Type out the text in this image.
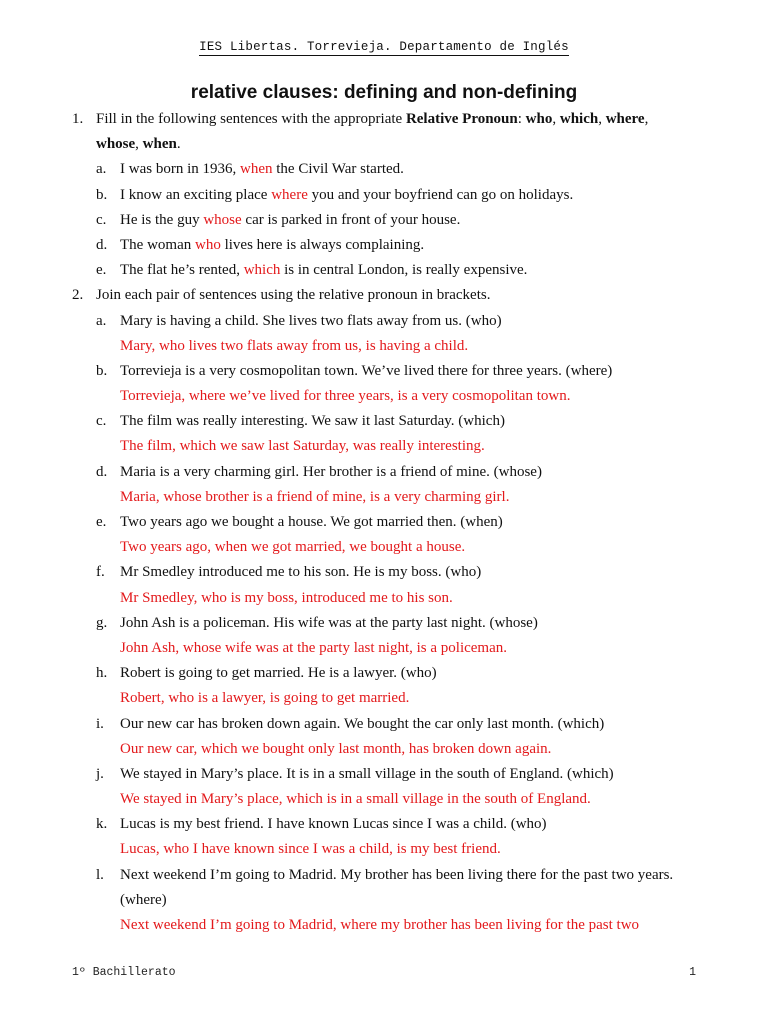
IES Libertas. Torrevieja. Departamento de Inglés
relative clauses: defining and non-defining
1. Fill in the following sentences with the appropriate Relative Pronoun: who, which, where,
whose, when.
a. I was born in 1936, when the Civil War started.
b. I know an exciting place where you and your boyfriend can go on holidays.
c. He is the guy whose car is parked in front of your house.
d. The woman who lives here is always complaining.
e. The flat he’s rented, which is in central London, is really expensive.
2. Join each pair of sentences using the relative pronoun in brackets.
a. Mary is having a child. She lives two flats away from us. (who)
Mary, who lives two flats away from us, is having a child.
b. Torrevieja is a very cosmopolitan town. We’ve lived there for three years. (where)
Torrevieja, where we’ve lived for three years, is a very cosmopolitan town.
c. The film was really interesting. We saw it last Saturday. (which)
The film, which we saw last Saturday, was really interesting.
d. Maria is a very charming girl. Her brother is a friend of mine. (whose)
Maria, whose brother is a friend of mine, is a very charming girl.
e. Two years ago we bought a house. We got married then. (when)
Two years ago, when we got married, we bought a house.
f. Mr Smedley introduced me to his son. He is my boss. (who)
Mr Smedley, who is my boss, introduced me to his son.
g. John Ash is a policeman. His wife was at the party last night. (whose)
John Ash, whose wife was at the party last night, is a policeman.
h. Robert is going to get married. He is a lawyer. (who)
Robert, who is a lawyer, is going to get married.
i. Our new car has broken down again. We bought the car only last month. (which)
Our new car, which we bought only last month, has broken down again.
j. We stayed in Mary’s place. It is in a small village in the south of England. (which)
We stayed in Mary’s place, which is in a small village in the south of England.
k. Lucas is my best friend. I have known Lucas since I was a child. (who)
Lucas, who I have known since I was a child, is my best friend.
l. Next weekend I’m going to Madrid. My brother has been living there for the past two years.
(where)
Next weekend I’m going to Madrid, where my brother has been living for the past two
1º Bachillerato	1
